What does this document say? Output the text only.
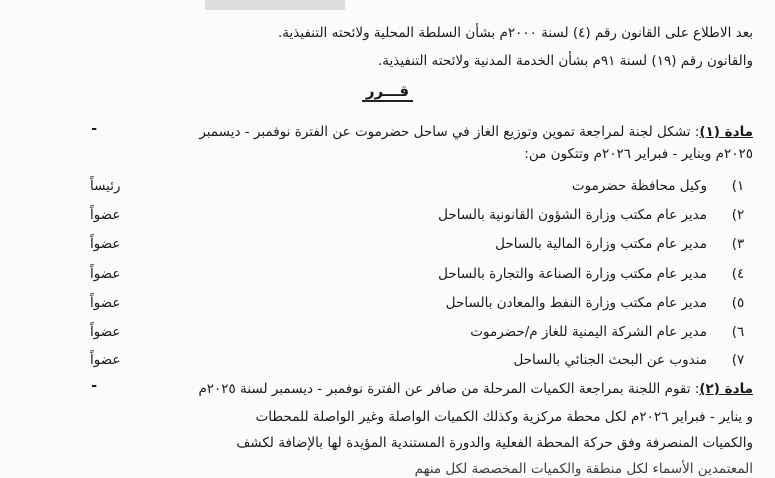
بعد الاطلاع على القانون رقم (٤) لسنة ٢٠٠٠م بشأن السلطة المحلية ولائحته التنفيذية.
والقانون رقم (١٩) لسنة ٩١م بشأن الخدمة المدنية ولائحته التنفيذية.
قـــرر
-	مادة (١): تشكل لجنة لمراجعة تموين وتوزيع الغاز في ساحل حضرموت عن الفترة نوفمبر - ديسمبر
٢٠٢٥م ويناير - فبراير ٢٠٢٦م وتتكون من:
١)
وكيل محافظة حضرموت
رئيساً
٢)
مدير عام مكتب وزارة الشؤون القانونية بالساحل
عضواً
٣)
مدير عام مكتب وزارة المالية بالساحل
عضواً
٤)
مدير عام مكتب وزارة الصناعة والتجارة بالساحل
عضواً
٥)
مدير عام مكتب وزارة النفط والمعادن بالساحل
عضواً
٦)
مدير عام الشركة اليمنية للغاز م/حضرموت
عضواً
٧)
مندوب عن البحث الجنائي بالساحل
عضواً
-	مادة (٢): تقوم اللجنة بمراجعة الكميات المرحلة من صافر عن الفترة نوفمبر - ديسمبر لسنة ٢٠٢٥م
و يناير - فبراير ٢٠٢٦م لكل محطة مركزية وكذلك الكميات الواصلة وغير الواصلة للمحطات
والكميات المنصرفة وفق حركة المحطة الفعلية والدورة المستندية المؤيدة لها بالإضافة لكشف
المعتمدين الأسماء لكل منطقة والكميات المخصصة لكل منهم
